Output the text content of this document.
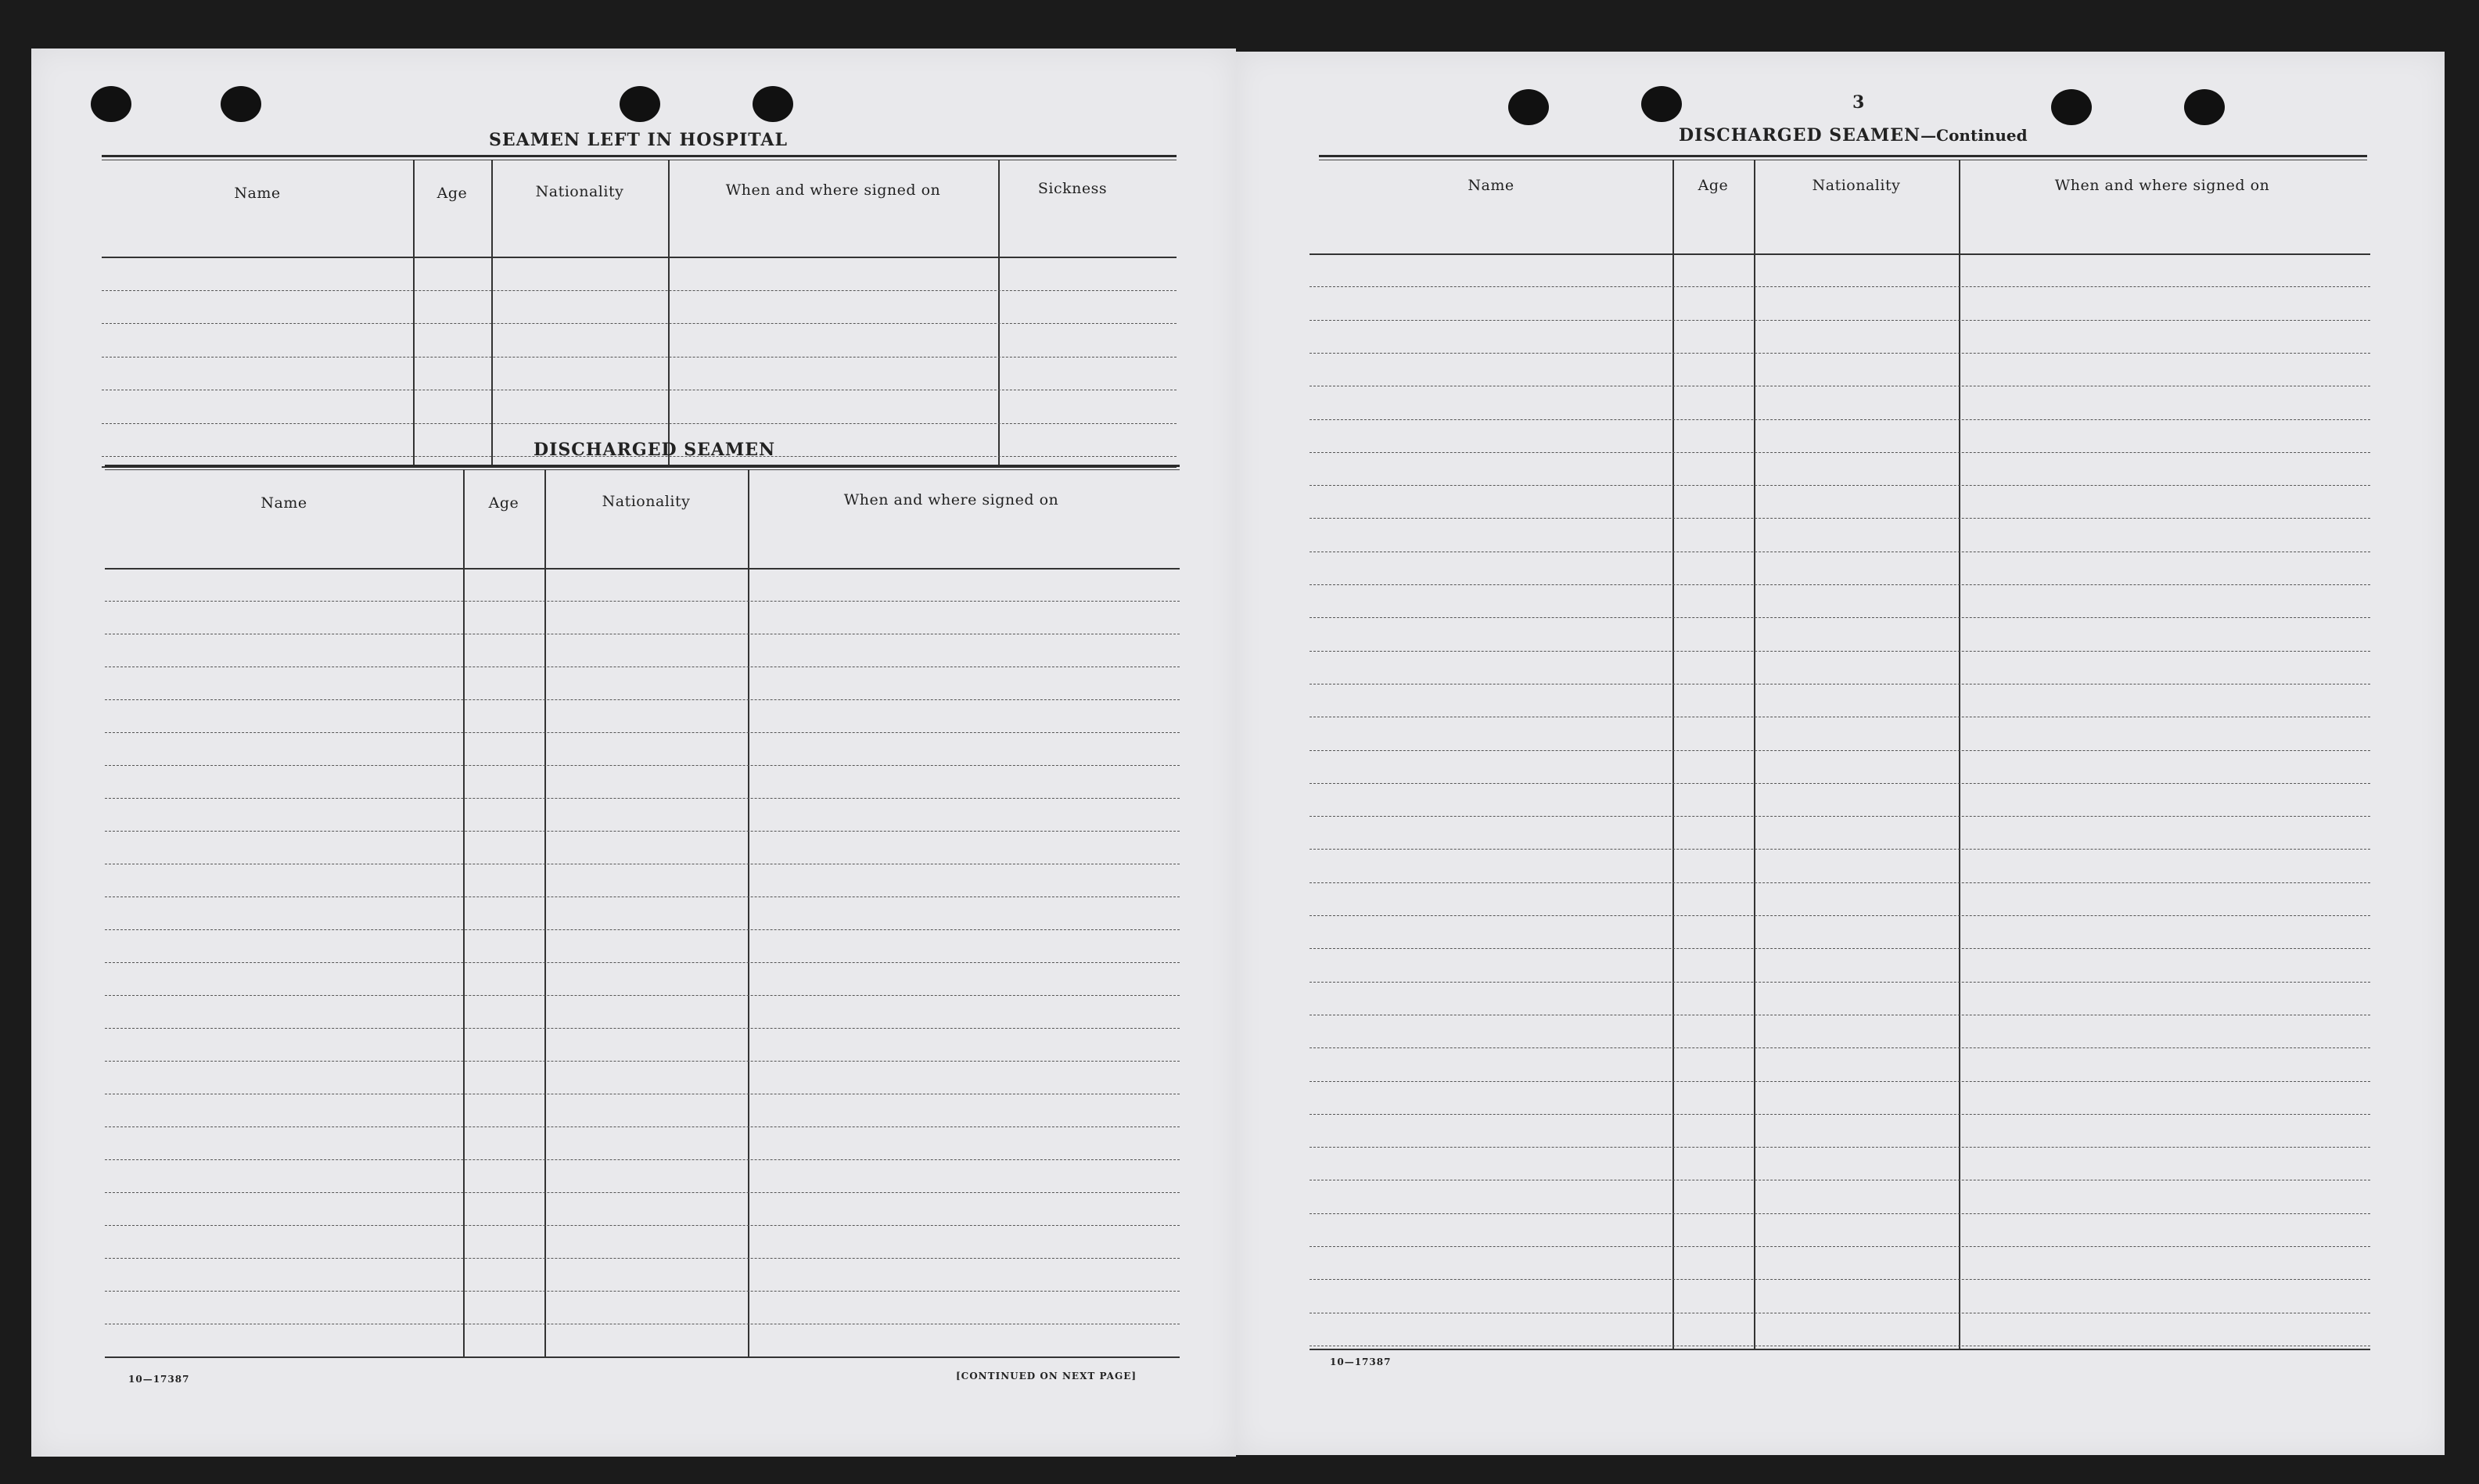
SEAMEN LEFT IN HOSPITAL
Name	Age	Nationality	When and where signed on	Sickness
DISCHARGED SEAMEN
Name	Age	Nationality	When and where signed on
10—17387	[CONTINUED ON NEXT PAGE]
3
DISCHARGED SEAMEN—Continued
Name	Age	Nationality	When and where signed on
10—17387
